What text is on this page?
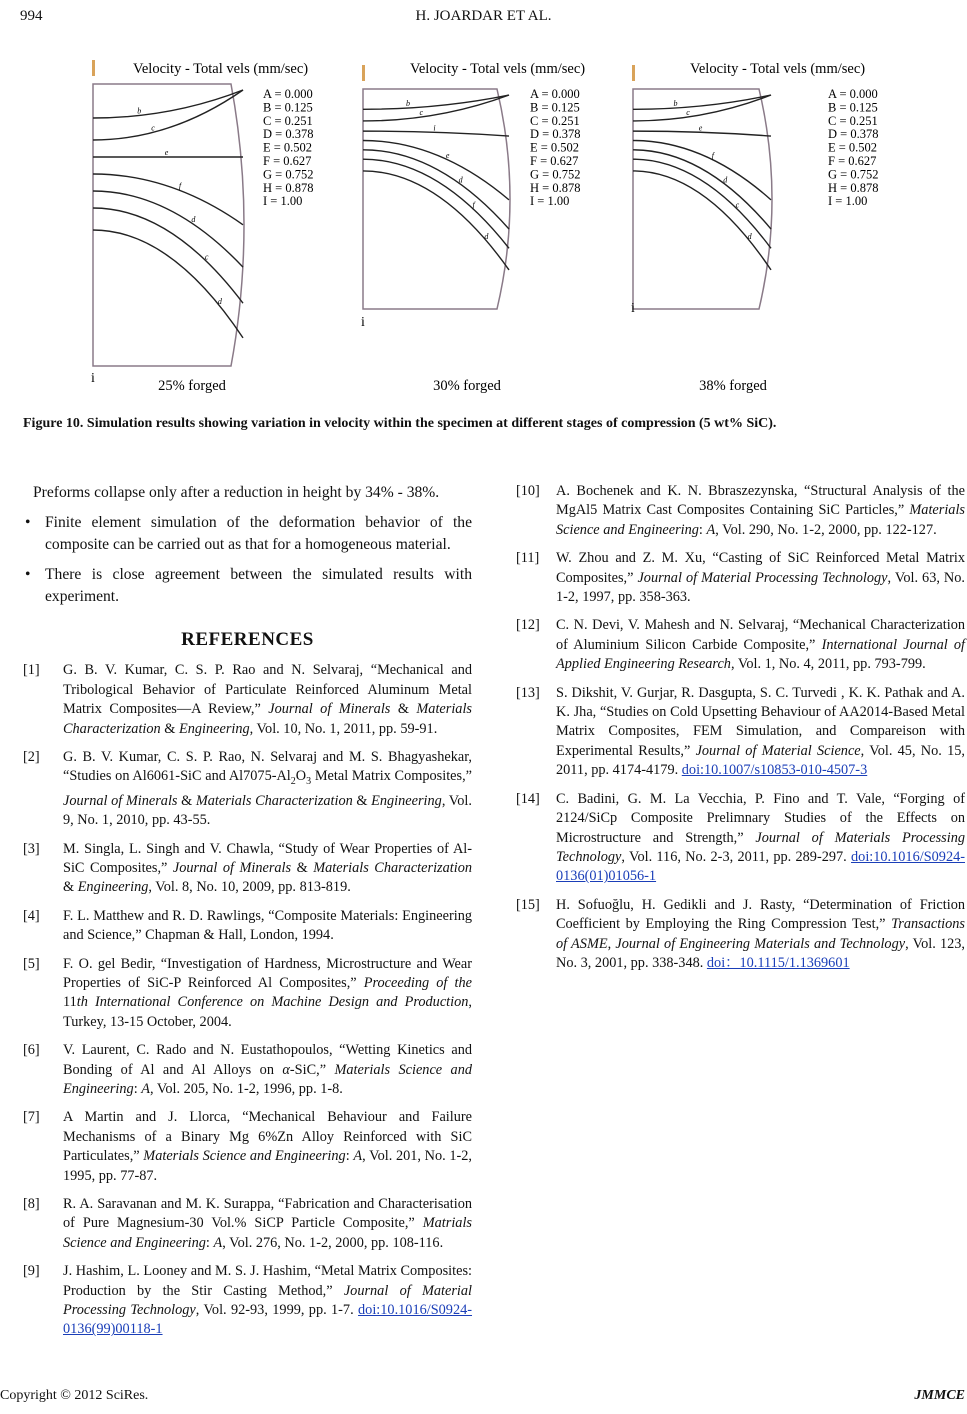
994	H. JOARDAR ET AL.
b
c
e
f
d
c
d
Velocity - Total vels (mm/sec)
25% forged
i
A = 0.000
B = 0.125
C = 0.251
D = 0.378
E = 0.502
F = 0.627
G = 0.752
H = 0.878
I = 1.00
b
c
i
e
d
f
d
Velocity - Total vels (mm/sec)
30% forged
i
A = 0.000
B = 0.125
C = 0.251
D = 0.378
E = 0.502
F = 0.627
G = 0.752
H = 0.878
I = 1.00
b
c
e
f
d
c
d
Velocity - Total vels (mm/sec)
38% forged
i
A = 0.000
B = 0.125
C = 0.251
D = 0.378
E = 0.502
F = 0.627
G = 0.752
H = 0.878
I = 1.00
Figure 10. Simulation results showing variation in velocity within the specimen at different stages of compression (5 wt% SiC).
Preforms collapse only after a reduction in height by 34% - 38%.
• Finite element simulation of the deformation behavior of the composite can be carried out as that for a homogeneous material.
• There is close agreement between the simulated results with experiment.
REFERENCES
[1] G. B. V. Kumar, C. S. P. Rao and N. Selvaraj, “Mechanical and Tribological Behavior of Particulate Reinforced Aluminum Metal Matrix Composites—A Review,” Journal of Minerals & Materials Characterization & Engineering, Vol. 10, No. 1, 2011, pp. 59-91.
[2] G. B. V. Kumar, C. S. P. Rao, N. Selvaraj and M. S. Bhagyashekar, “Studies on Al6061-SiC and $Al7075-Al_2O_3$ Metal Matrix Composites,” Journal of Minerals & Materials Characterization & Engineering, Vol. 9, No. 1, 2010, pp. 43-55.
[3] M. Singla, L. Singh and V. Chawla, “Study of Wear Properties of Al-SiC Composites,” Journal of Minerals & Materials Characterization & Engineering, Vol. 8, No. 10, 2009, pp. 813-819.
[4] F. L. Matthew and R. D. Rawlings, “Composite Materials: Engineering and Science,” Chapman & Hall, London, 1994.
[5] F. O. gel Bedir, “Investigation of Hardness, Microstructure and Wear Properties of SiC-P Reinforced Al Composites,” Proceeding of the 11th International Conference on Machine Design and Production, Turkey, 13-15 October, 2004.
[6] V. Laurent, C. Rado and N. Eustathopoulos, “Wetting Kinetics and Bonding of Al and Al Alloys on α-SiC,” Materials Science and Engineering: A, Vol. 205, No. 1-2, 1996, pp. 1-8.
[7] A Martin and J. Llorca, “Mechanical Behaviour and Failure Mechanisms of a Binary Mg 6%Zn Alloy Reinforced with SiC Particulates,” Materials Science and Engineering: A, Vol. 201, No. 1-2, 1995, pp. 77-87.
[8] R. A. Saravanan and M. K. Surappa, “Fabrication and Characterisation of Pure Magnesium-30 Vol.% SiCP Particle Composite,” Matrials Science and Engineering: A, Vol. 276, No. 1-2, 2000, pp. 108-116.
[9] J. Hashim, L. Looney and M. S. J. Hashim, “Metal Matrix Composites: Production by the Stir Casting Method,” Journal of Material Processing Technology, Vol. 92-93, 1999, pp. 1-7. doi:10.1016/S0924-0136(99)00118-1
[10] A. Bochenek and K. N. Bbraszezynska, “Structural Analysis of the MgAl5 Matrix Cast Composites Containing SiC Particles,” Materials Science and Engineering: A, Vol. 290, No. 1-2, 2000, pp. 122-127.
[11] W. Zhou and Z. M. Xu, “Casting of SiC Reinforced Metal Matrix Composites,” Journal of Material Processing Technology, Vol. 63, No. 1-2, 1997, pp. 358-363.
[12] C. N. Devi, V. Mahesh and N. Selvaraj, “Mechanical Characterization of Aluminium Silicon Carbide Composite,” International Journal of Applied Engineering Research, Vol. 1, No. 4, 2011, pp. 793-799.
[13] S. Dikshit, V. Gurjar, R. Dasgupta, S. C. Turvedi , K. K. Pathak and A. K. Jha, “Studies on Cold Upsetting Behaviour of AA2014-Based Metal Matrix Composites, FEM Simulation, and Compareison with Experimental Results,” Journal of Material Science, Vol. 45, No. 15, 2011, pp. 4174-4179. doi:10.1007/s10853-010-4507-3
[14] C. Badini, G. M. La Vecchia, P. Fino and T. Vale, “Forging of 2124/SiCp Composite Prelimnary Studies of the Effects on Microstructure and Strength,” Journal of Materials Processing Technology, Vol. 116, No. 2-3, 2011, pp. 289-297. doi:10.1016/S0924-0136(01)01056-1
[15] H. Sofuoğlu, H. Gedikli and J. Rasty, “Determination of Friction Coefficient by Employing the Ring Compression Test,” Transactions of ASME, Journal of Engineering Materials and Technology, Vol. 123, No. 3, 2001, pp. 338-348. doi：10.1115/1.1369601
Copyright © 2012 SciRes.	JMMCE
